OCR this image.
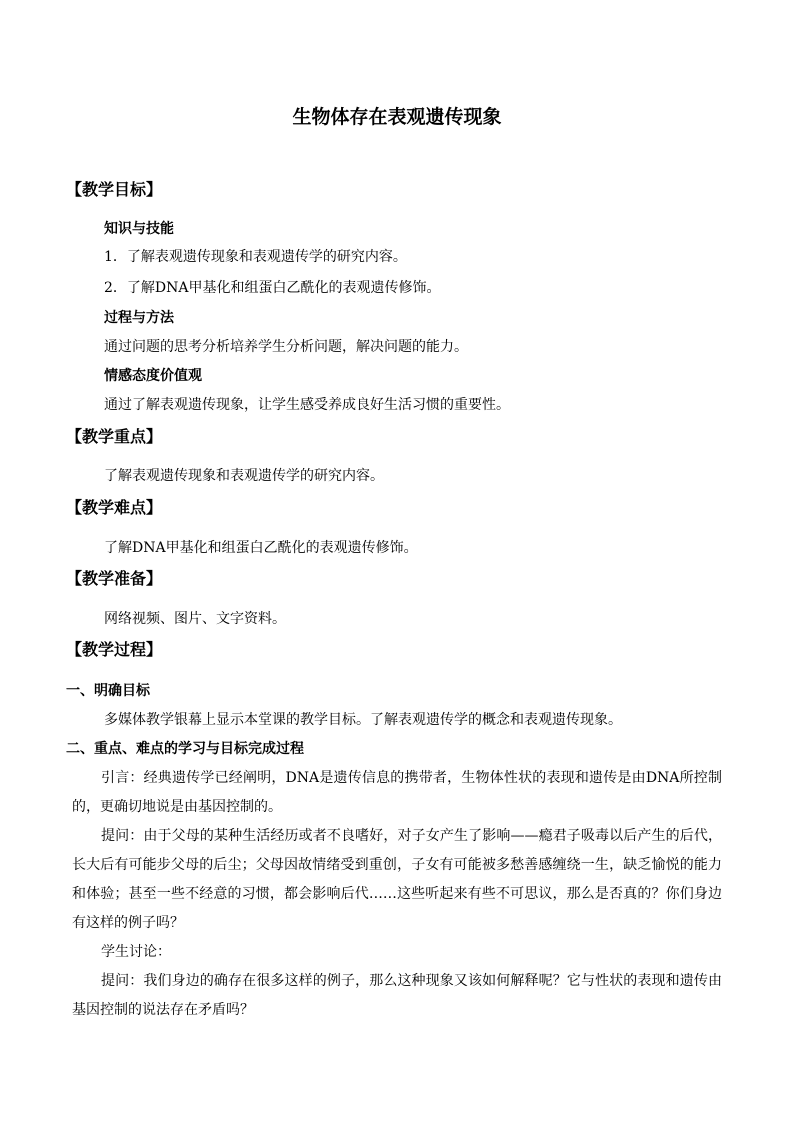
生物体存在表观遗传现象
【教学目标】
知识与技能
1．了解表观遗传现象和表观遗传学的研究内容。
2．了解DNA甲基化和组蛋白乙酰化的表观遗传修饰。
过程与方法
通过问题的思考分析培养学生分析问题，解决问题的能力。
情感态度价值观
通过了解表观遗传现象，让学生感受养成良好生活习惯的重要性。
【教学重点】
了解表观遗传现象和表观遗传学的研究内容。
【教学难点】
了解DNA甲基化和组蛋白乙酰化的表观遗传修饰。
【教学准备】
网络视频、图片、文字资料。
【教学过程】
一、明确目标
多媒体教学银幕上显示本堂课的教学目标。了解表观遗传学的概念和表观遗传现象。
二、重点、难点的学习与目标完成过程
引言：经典遗传学已经阐明，DNA是遗传信息的携带者，生物体性状的表现和遗传是由DNA所控制的，更确切地说是由基因控制的。
提问：由于父母的某种生活经历或者不良嗜好，对子女产生了影响——瘾君子吸毒以后产生的后代，长大后有可能步父母的后尘；父母因故情绪受到重创，子女有可能被多愁善感缠绕一生，缺乏愉悦的能力和体验；甚至一些不经意的习惯，都会影响后代……这些听起来有些不可思议，那么是否真的？你们身边有这样的例子吗？
学生讨论：
提问：我们身边的确存在很多这样的例子，那么这种现象又该如何解释呢？它与性状的表现和遗传由基因控制的说法存在矛盾吗？
